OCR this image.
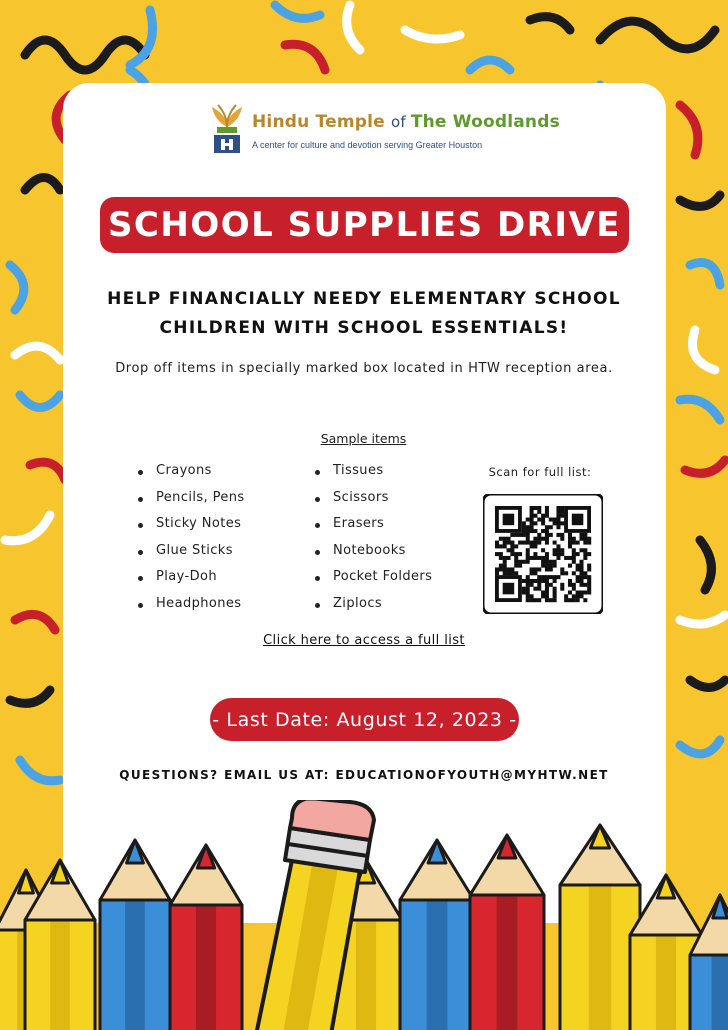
Hindu Temple of The Woodlands
A center for culture and devotion serving Greater Houston
SCHOOL SUPPLIES DRIVE
HELP FINANCIALLY NEEDY ELEMENTARY SCHOOL
CHILDREN WITH SCHOOL ESSENTIALS!
Drop off items in specially marked box located in HTW reception area.
Sample items
Crayons
Pencils, Pens
Sticky Notes
Glue Sticks
Play-Doh
Headphones
Tissues
Scissors
Erasers
Notebooks
Pocket Folders
Ziplocs
Scan for full list:
Click here to access a full list
- Last Date: August 12, 2023 -
QUESTIONS? EMAIL US AT: EDUCATIONOFYOUTH@MYHTW.NET
